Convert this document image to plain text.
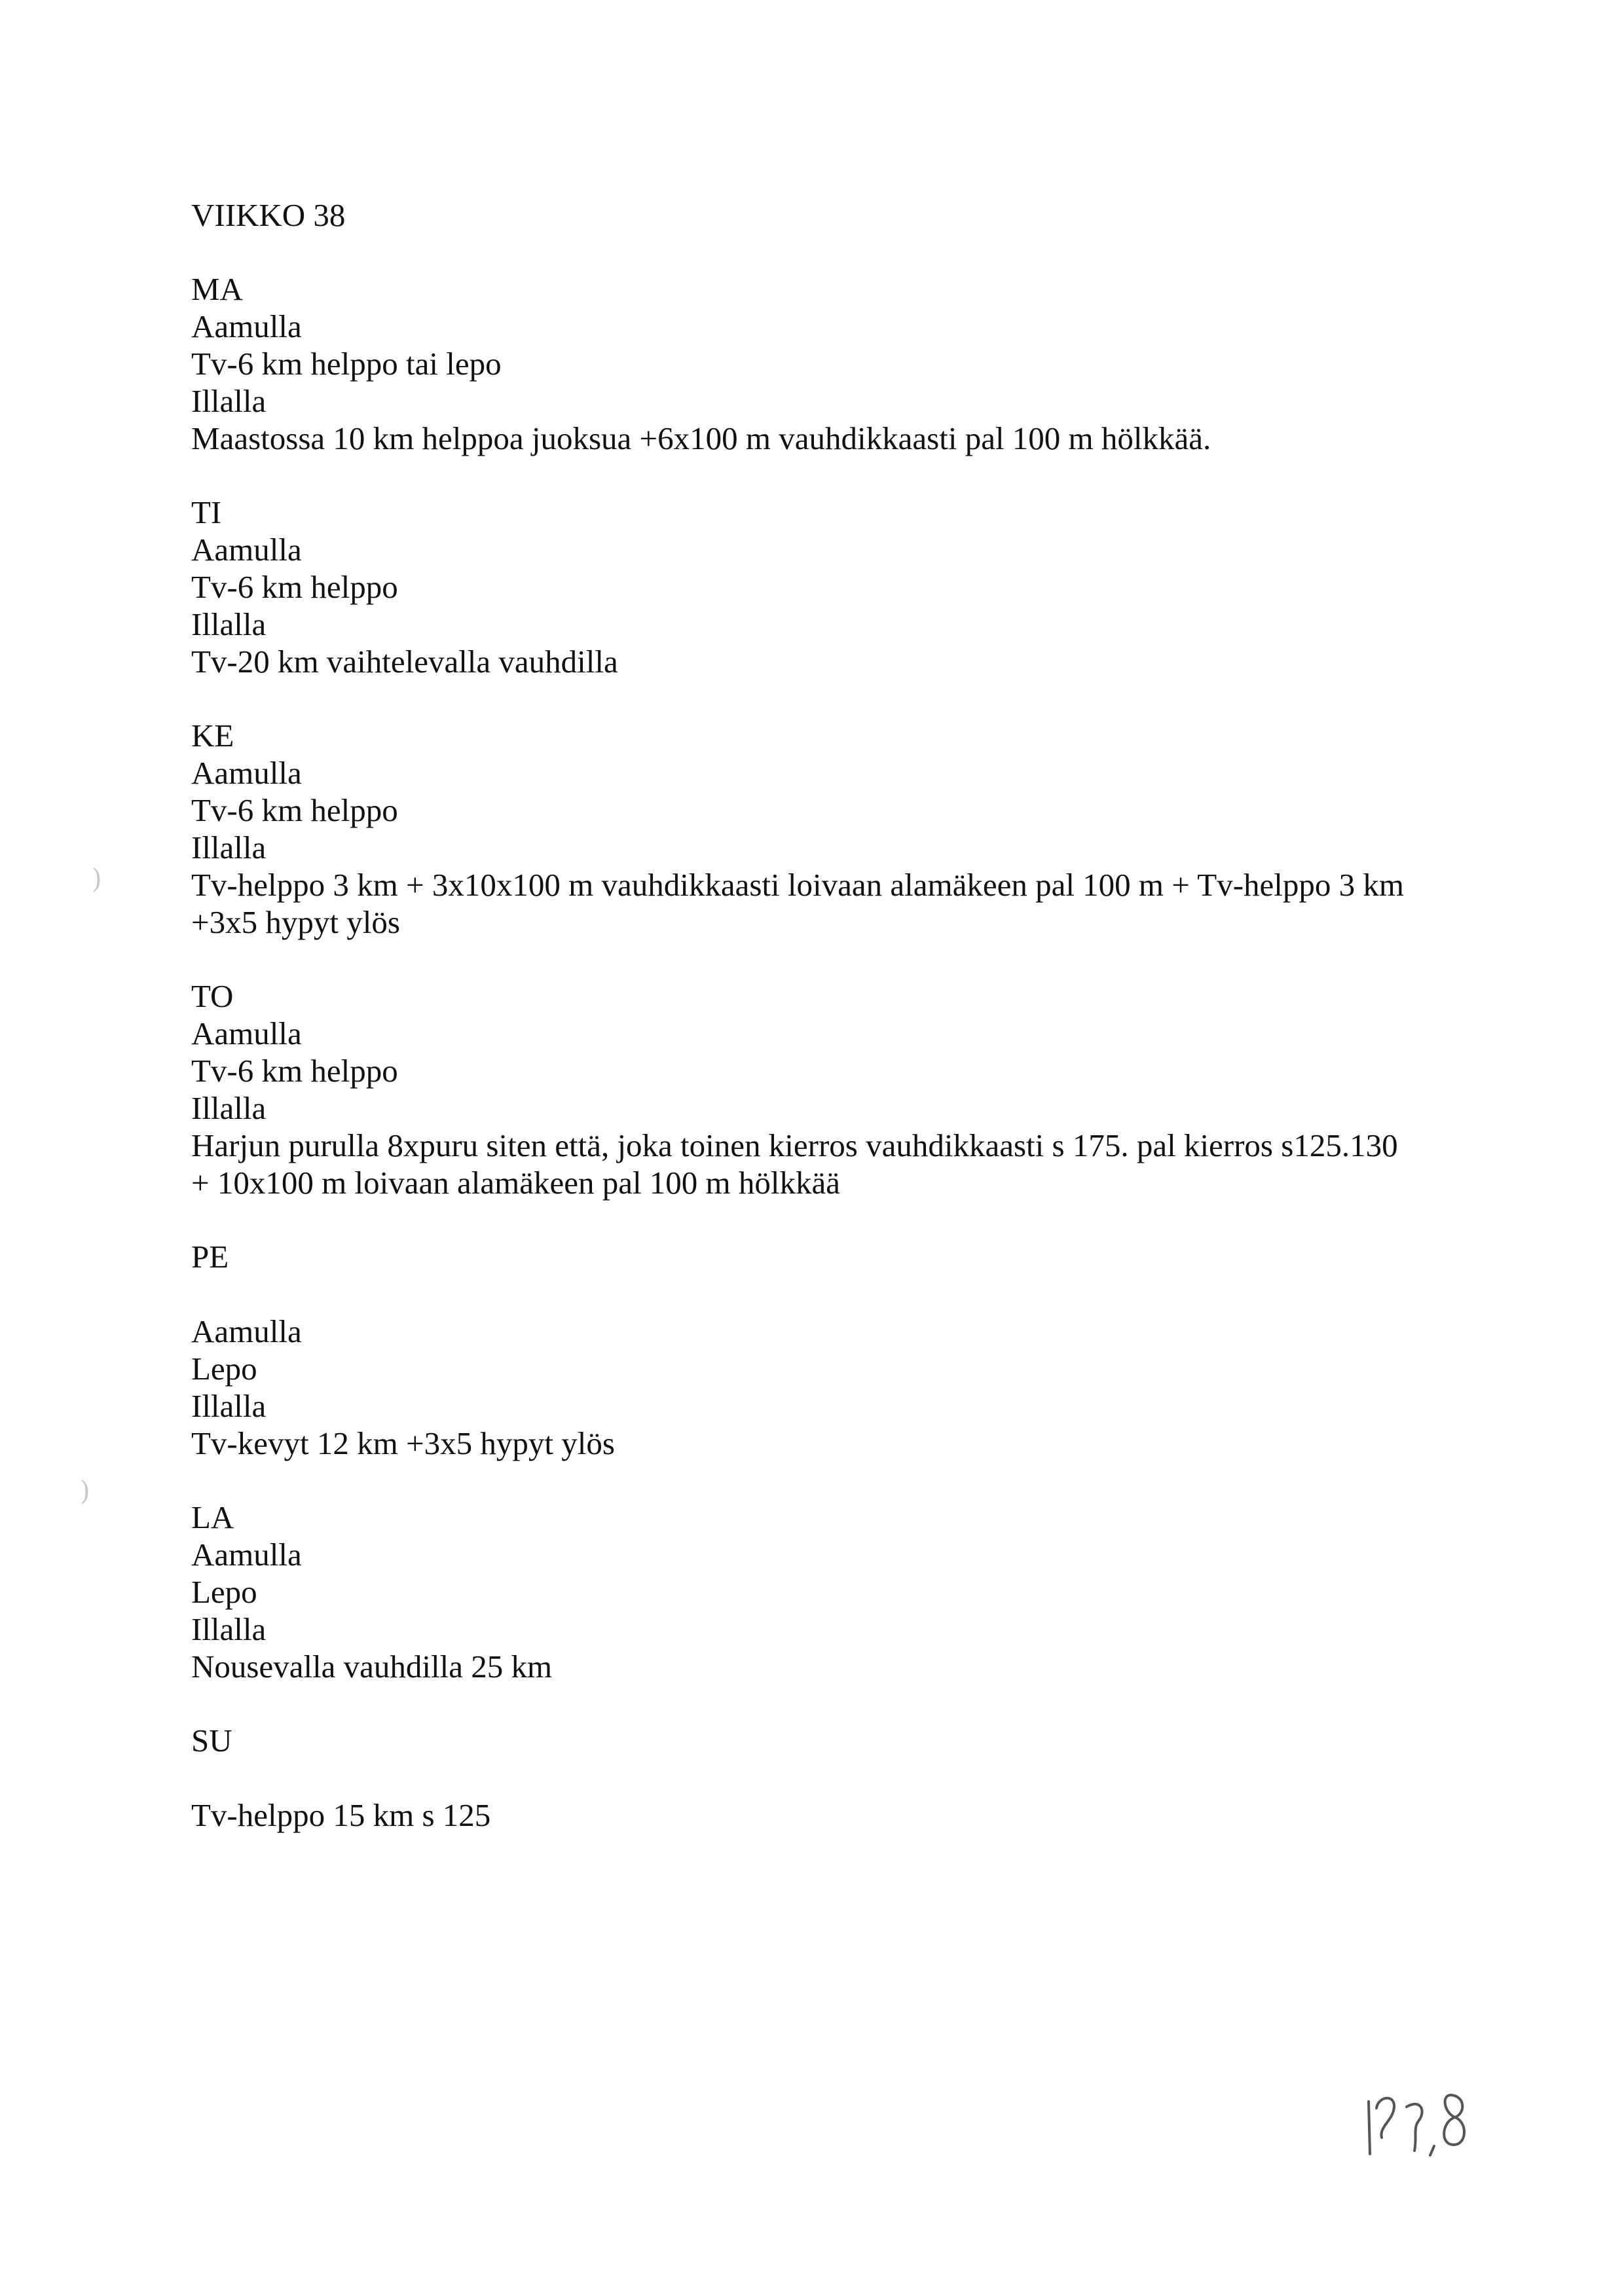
)
)
VIIKKO 38
MA
Aamulla
Tv-6 km helppo tai lepo
Illalla
Maastossa 10 km helppoa juoksua +6x100 m vauhdikkaasti pal 100 m hölkkää.
TI
Aamulla
Tv-6 km helppo
Illalla
Tv-20 km vaihtelevalla vauhdilla
KE
Aamulla
Tv-6 km helppo
Illalla
Tv-helppo 3 km + 3x10x100 m vauhdikkaasti loivaan alamäkeen pal 100 m + Tv-helppo 3 km
+3x5 hypyt ylös
TO
Aamulla
Tv-6 km helppo
Illalla
Harjun purulla 8xpuru siten että, joka toinen kierros vauhdikkaasti s 175. pal kierros s125.130
+ 10x100 m loivaan alamäkeen pal 100 m hölkkää
PE
Aamulla
Lepo
Illalla
Tv-kevyt 12 km +3x5 hypyt ylös
LA
Aamulla
Lepo
Illalla
Nousevalla vauhdilla 25 km
SU
Tv-helppo 15 km s 125
